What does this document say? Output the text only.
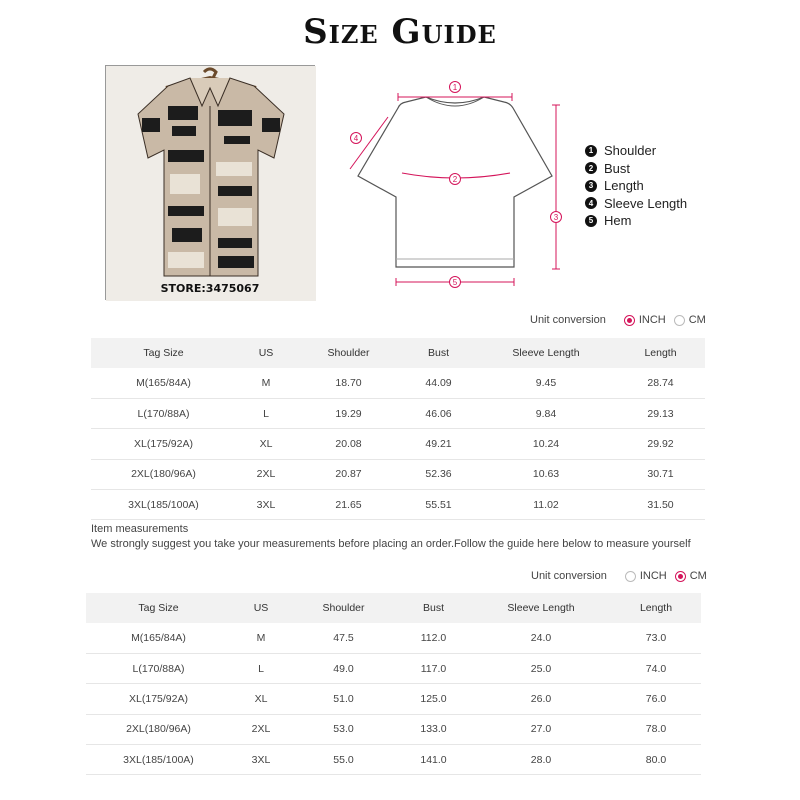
Size Guide
STORE:3475067
1
2
3
4
5
1 Shoulder
2 Bust
3 Length
4 Sleeve Length
5 Hem
Unit conversion	INCH CM
Tag Size	US	Shoulder	Bust	Sleeve Length	Length
M(165/84A)	M	18.70	44.09	9.45	28.74
L(170/88A)	L	19.29	46.06	9.84	29.13
XL(175/92A)	XL	20.08	49.21	10.24	29.92
2XL(180/96A)	2XL	20.87	52.36	10.63	30.71
3XL(185/100A)	3XL	21.65	55.51	11.02	31.50
Item measurements
We strongly suggest you take your measurements before placing an order.Follow the guide here below to measure yourself
Unit conversion	INCH CM
Tag Size	US	Shoulder	Bust	Sleeve Length	Length
M(165/84A)	M	47.5	112.0	24.0	73.0
L(170/88A)	L	49.0	117.0	25.0	74.0
XL(175/92A)	XL	51.0	125.0	26.0	76.0
2XL(180/96A)	2XL	53.0	133.0	27.0	78.0
3XL(185/100A)	3XL	55.0	141.0	28.0	80.0
